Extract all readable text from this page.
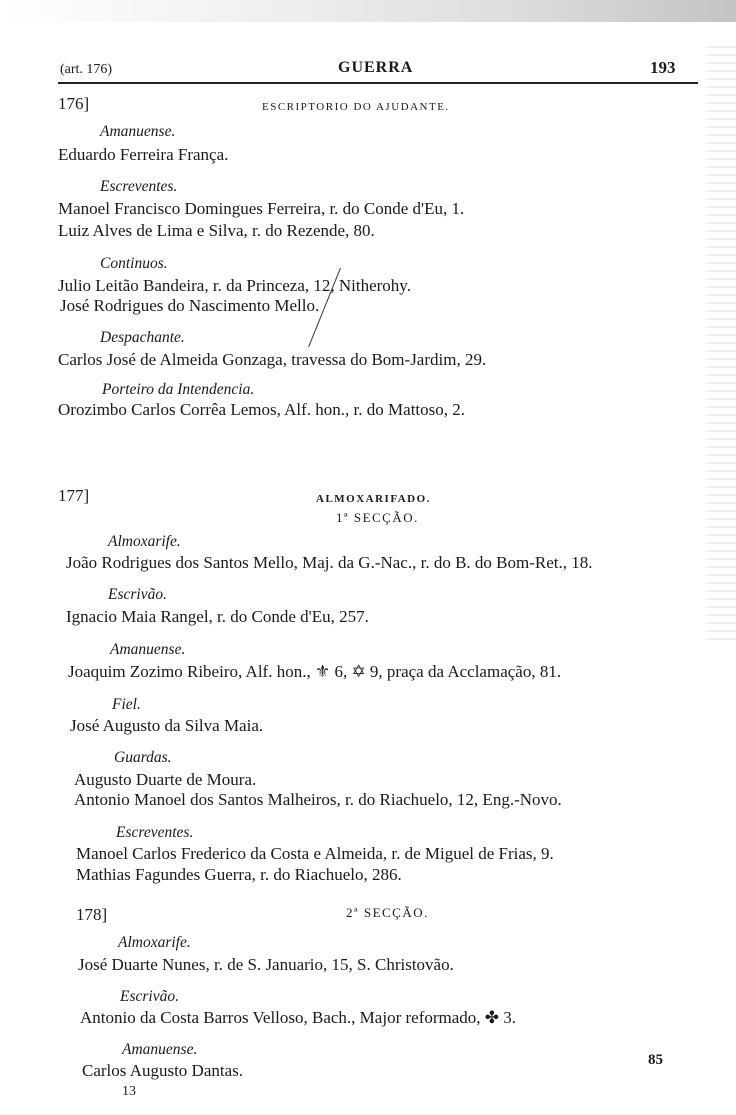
(art. 176)	GUERRA	193
176]	ESCRIPTORIO DO AJUDANTE.
Amanuense.
Eduardo Ferreira França.
Escreventes.
Manoel Francisco Domingues Ferreira, r. do Conde d'Eu, 1.
Luiz Alves de Lima e Silva, r. do Rezende, 80.
Continuos.
Julio Leitão Bandeira, r. da Princeza, 12, Nitherohy.
José Rodrigues do Nascimento Mello.
Despachante.
Carlos José de Almeida Gonzaga, travessa do Bom-Jardim, 29.
Porteiro da Intendencia.
Orozimbo Carlos Corrêa Lemos, Alf. hon., r. do Mattoso, 2.
177]	ALMOXARIFADO.
1ª SECÇÃO.
Almoxarife.
João Rodrigues dos Santos Mello, Maj. da G.-Nac., r. do B. do Bom-Ret., 18.
Escrivão.
Ignacio Maia Rangel, r. do Conde d'Eu, 257.
Amanuense.
Joaquim Zozimo Ribeiro, Alf. hon., ⚜ 6, ✡ 9, praça da Acclamação, 81.
Fiel.
José Augusto da Silva Maia.
Guardas.
Augusto Duarte de Moura.
Antonio Manoel dos Santos Malheiros, r. do Riachuelo, 12, Eng.-Novo.
Escreventes.
Manoel Carlos Frederico da Costa e Almeida, r. de Miguel de Frias, 9.
Mathias Fagundes Guerra, r. do Riachuelo, 286.
178]	2ª SECÇÃO.
Almoxarife.
José Duarte Nunes, r. de S. Januario, 15, S. Christovão.
Escrivão.
Antonio da Costa Barros Velloso, Bach., Major reformado, ✤ 3.
Amanuense.
Carlos Augusto Dantas.
13
85
